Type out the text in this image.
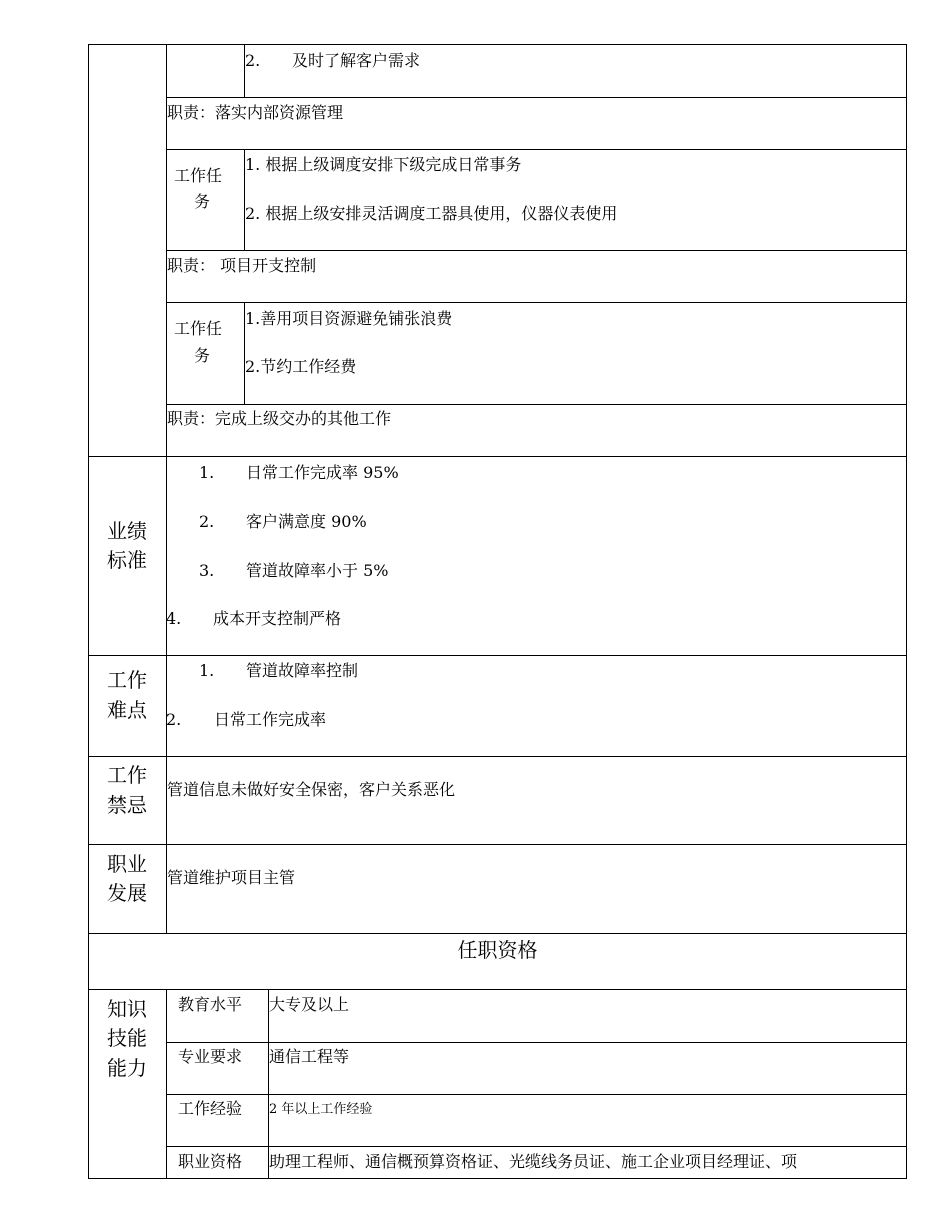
2. 及时了解客户需求
职责：落实内部资源管理
工作任
务
1. 根据上级调度安排下级完成日常事务
2. 根据上级安排灵活调度工器具使用，仪器仪表使用
职责： 项目开支控制
工作任
务
1.善用项目资源避免铺张浪费
2.节约工作经费
职责：完成上级交办的其他工作
业绩
标准
1. 日常工作完成率 95%
2. 客户满意度 90%
3. 管道故障率小于 5%
4. 成本开支控制严格
工作
难点
1. 管道故障率控制
2. 日常工作完成率
工作
禁忌
管道信息未做好安全保密，客户关系恶化
职业
发展
管道维护项目主管
任职资格
知识
技能
能力
教育水平 大专及以上
专业要求 通信工程等
工作经验 2 年以上工作经验
职业资格 助理工程师、通信概预算资格证、光缆线务员证、施工企业项目经理证、项
